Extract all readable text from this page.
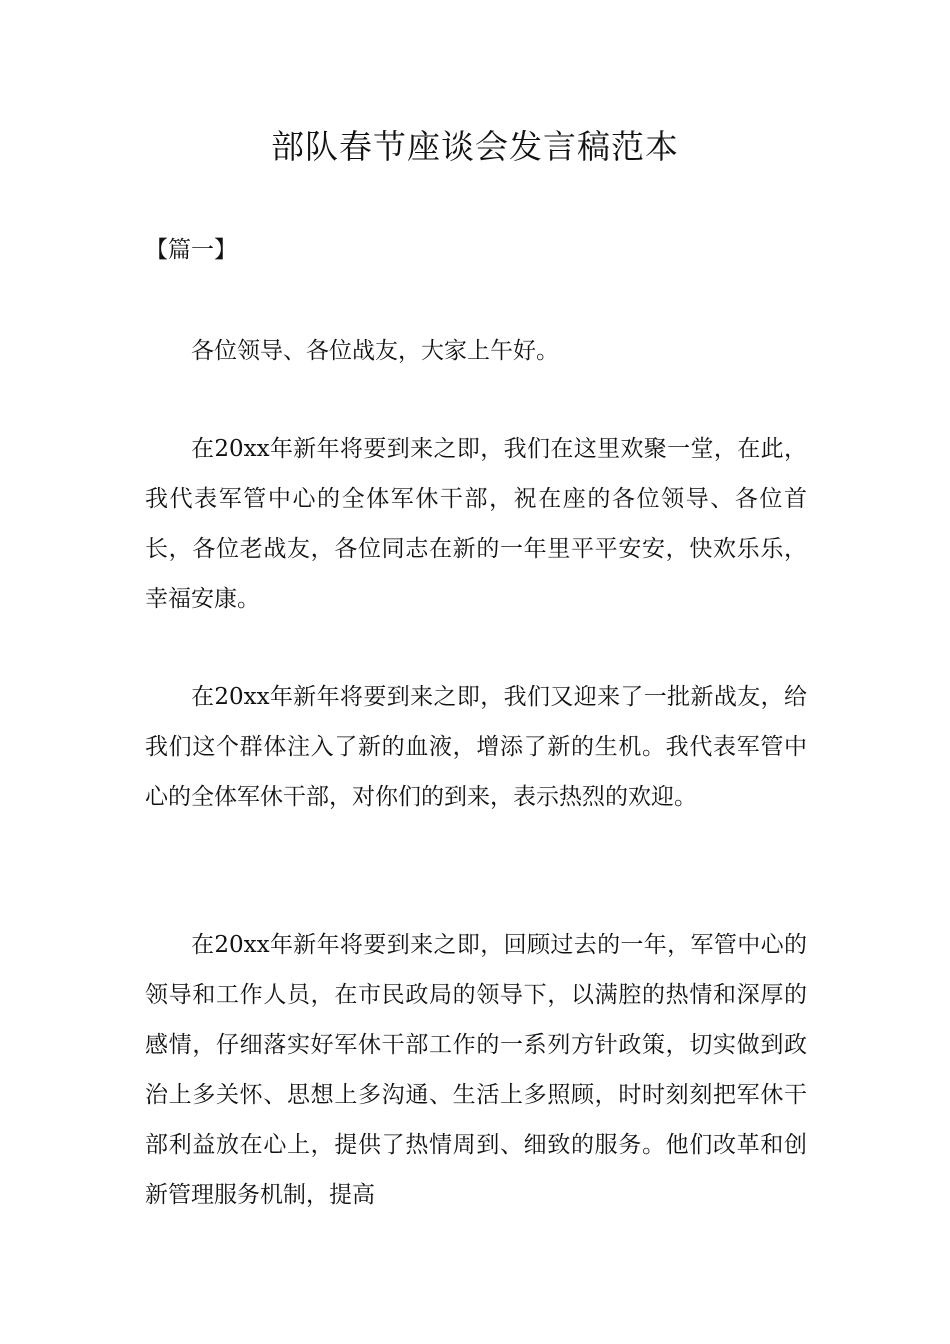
部队春节座谈会发言稿范本

【篇一】

各位领导、各位战友，大家上午好。

在20xx年新年将要到来之即，我们在这里欢聚一堂，在此，我代表军管中心的全体军休干部，祝在座的各位领导、各位首长，各位老战友，各位同志在新的一年里平平安安，快欢乐乐，幸福安康。

在20xx年新年将要到来之即，我们又迎来了一批新战友，给我们这个群体注入了新的血液，增添了新的生机。我代表军管中心的全体军休干部，对你们的到来，表示热烈的欢迎。

在20xx年新年将要到来之即，回顾过去的一年，军管中心的领导和工作人员，在市民政局的领导下，以满腔的热情和深厚的感情，仔细落实好军休干部工作的一系列方针政策，切实做到政治上多关怀、思想上多沟通、生活上多照顾，时时刻刻把军休干部利益放在心上，提供了热情周到、细致的服务。他们改革和创新管理服务机制，提高
